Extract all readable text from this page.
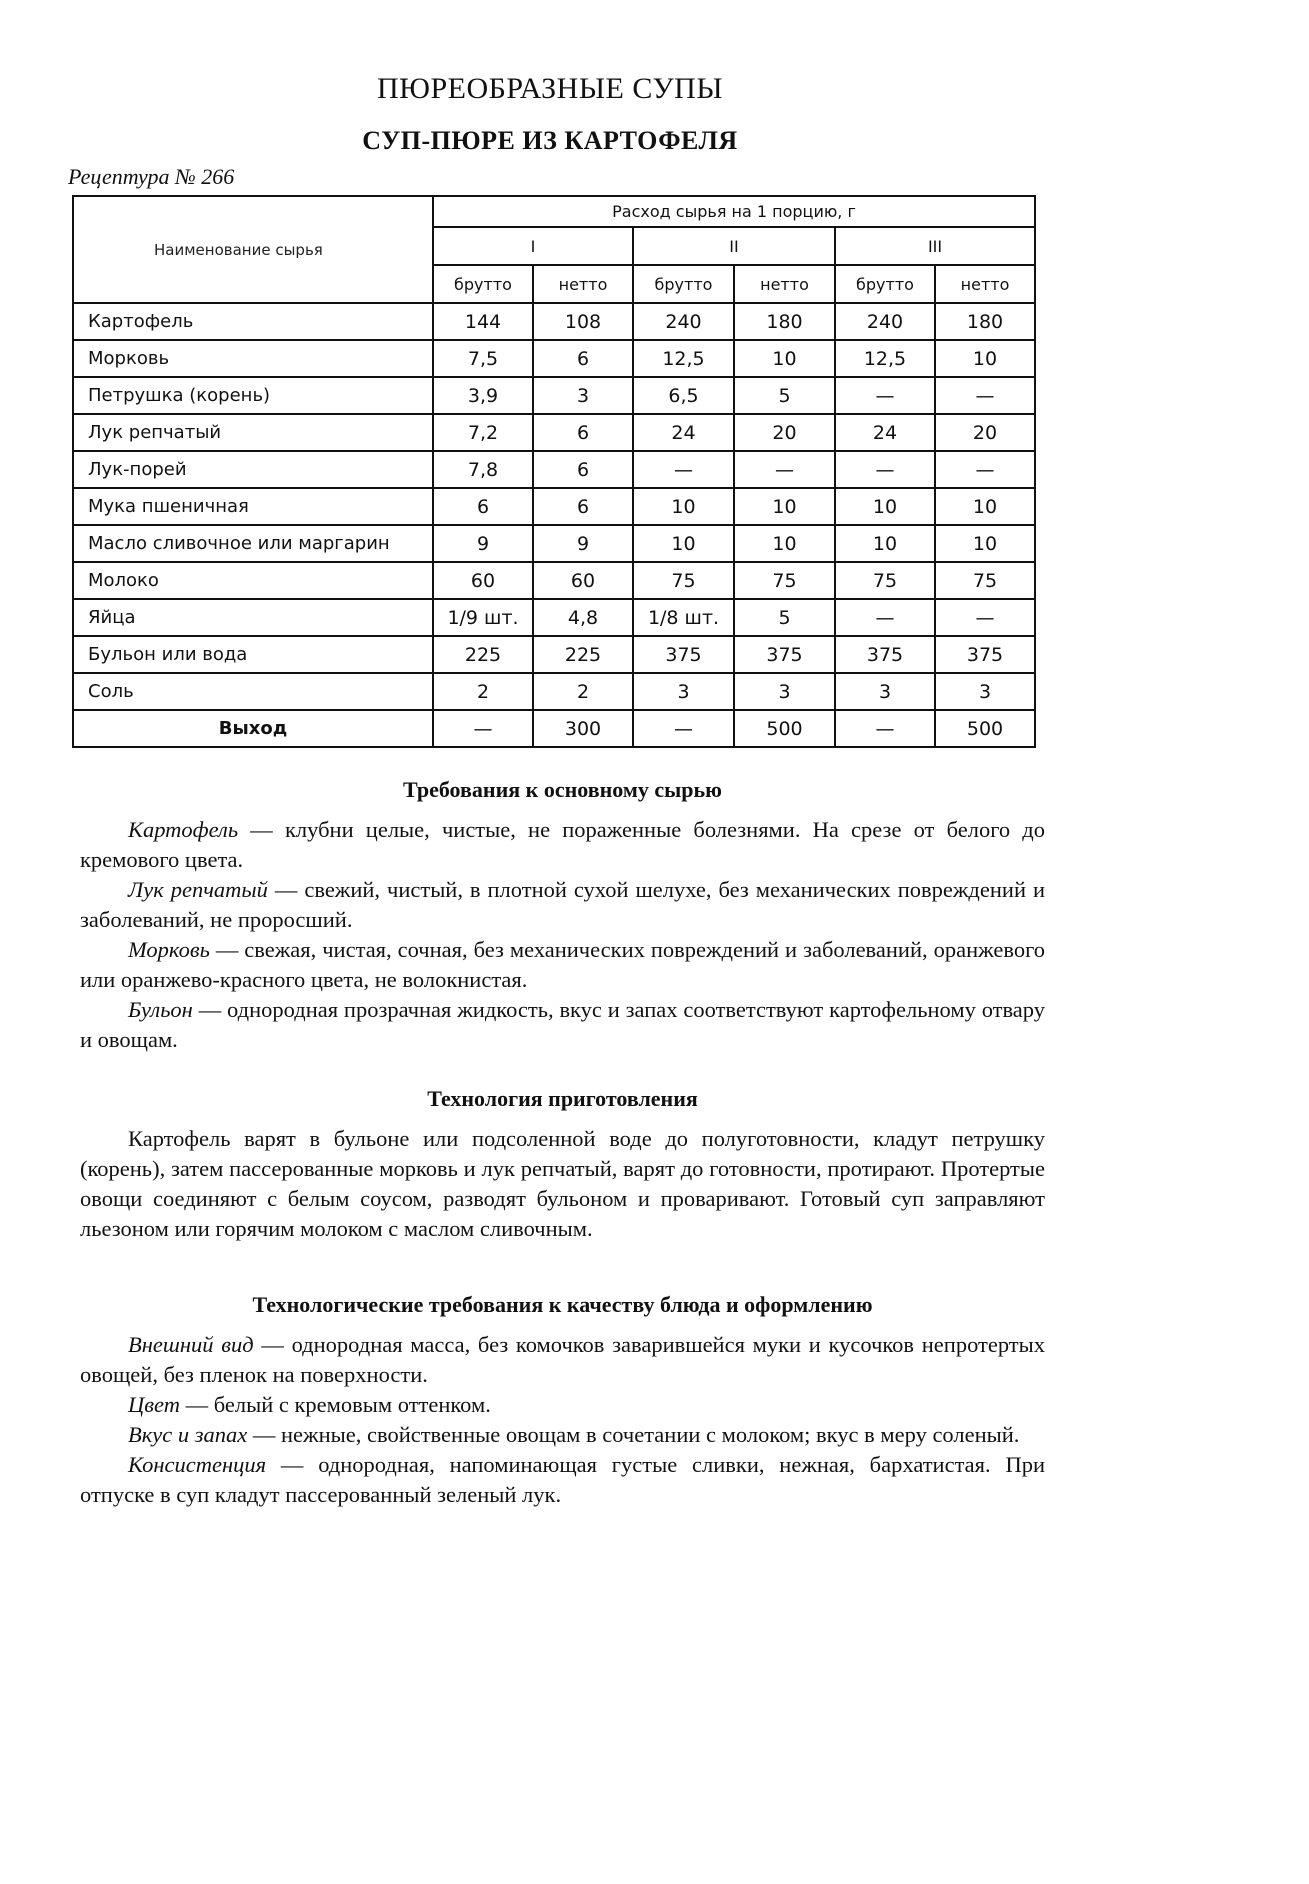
ПЮРЕОБРАЗНЫЕ СУПЫ
СУП-ПЮРЕ ИЗ КАРТОФЕЛЯ
Рецептура № 266
Наименование сырья	Расход сырья на 1 порцию, г					
	I		II		III	
	брутто	нетто	брутто	нетто	брутто	нетто
Картофель	144	108	240	180	240	180
Морковь	7,5	6	12,5	10	12,5	10
Петрушка (корень)	3,9	3	6,5	5	—	—
Лук репчатый	7,2	6	24	20	24	20
Лук-порей	7,8	6	—	—	—	—
Мука пшеничная	6	6	10	10	10	10
Масло сливочное или маргарин	9	9	10	10	10	10
Молоко	60	60	75	75	75	75
Яйца	1/9 шт.	4,8	1/8 шт.	5	—	—
Бульон или вода	225	225	375	375	375	375
Соль	2	2	3	3	3	3
Выход	—	300	—	500	—	500
Требования к основному сырью

Картофель — клубни целые, чистые, не пораженные болезнями. На срезе от белого до кремового цвета.

Лук репчатый — свежий, чистый, в плотной сухой шелухе, без механических повреждений и заболеваний, не проросший.

Морковь — свежая, чистая, сочная, без механических повреждений и заболеваний, оранжевого или оранжево-красного цвета, не волокнистая.

Бульон — однородная прозрачная жидкость, вкус и запах соответствуют картофельному отвару и овощам.

Технология приготовления

Картофель варят в бульоне или подсоленной воде до полуготовности, кладут петрушку (корень), затем пассерованные морковь и лук репчатый, варят до готовности, протирают. Протертые овощи соединяют с белым соусом, разводят бульоном и проваривают. Готовый суп заправляют льезоном или горячим молоком с маслом сливочным.

Технологические требования к качеству блюда и оформлению

Внешний вид — однородная масса, без комочков заварившейся муки и кусочков непротертых овощей, без пленок на поверхности.

Цвет — белый с кремовым оттенком.

Вкус и запах — нежные, свойственные овощам в сочетании с молоком; вкус в меру соленый.

Консистенция — однородная, напоминающая густые сливки, нежная, бархатистая. При отпуске в суп кладут пассерованный зеленый лук.
